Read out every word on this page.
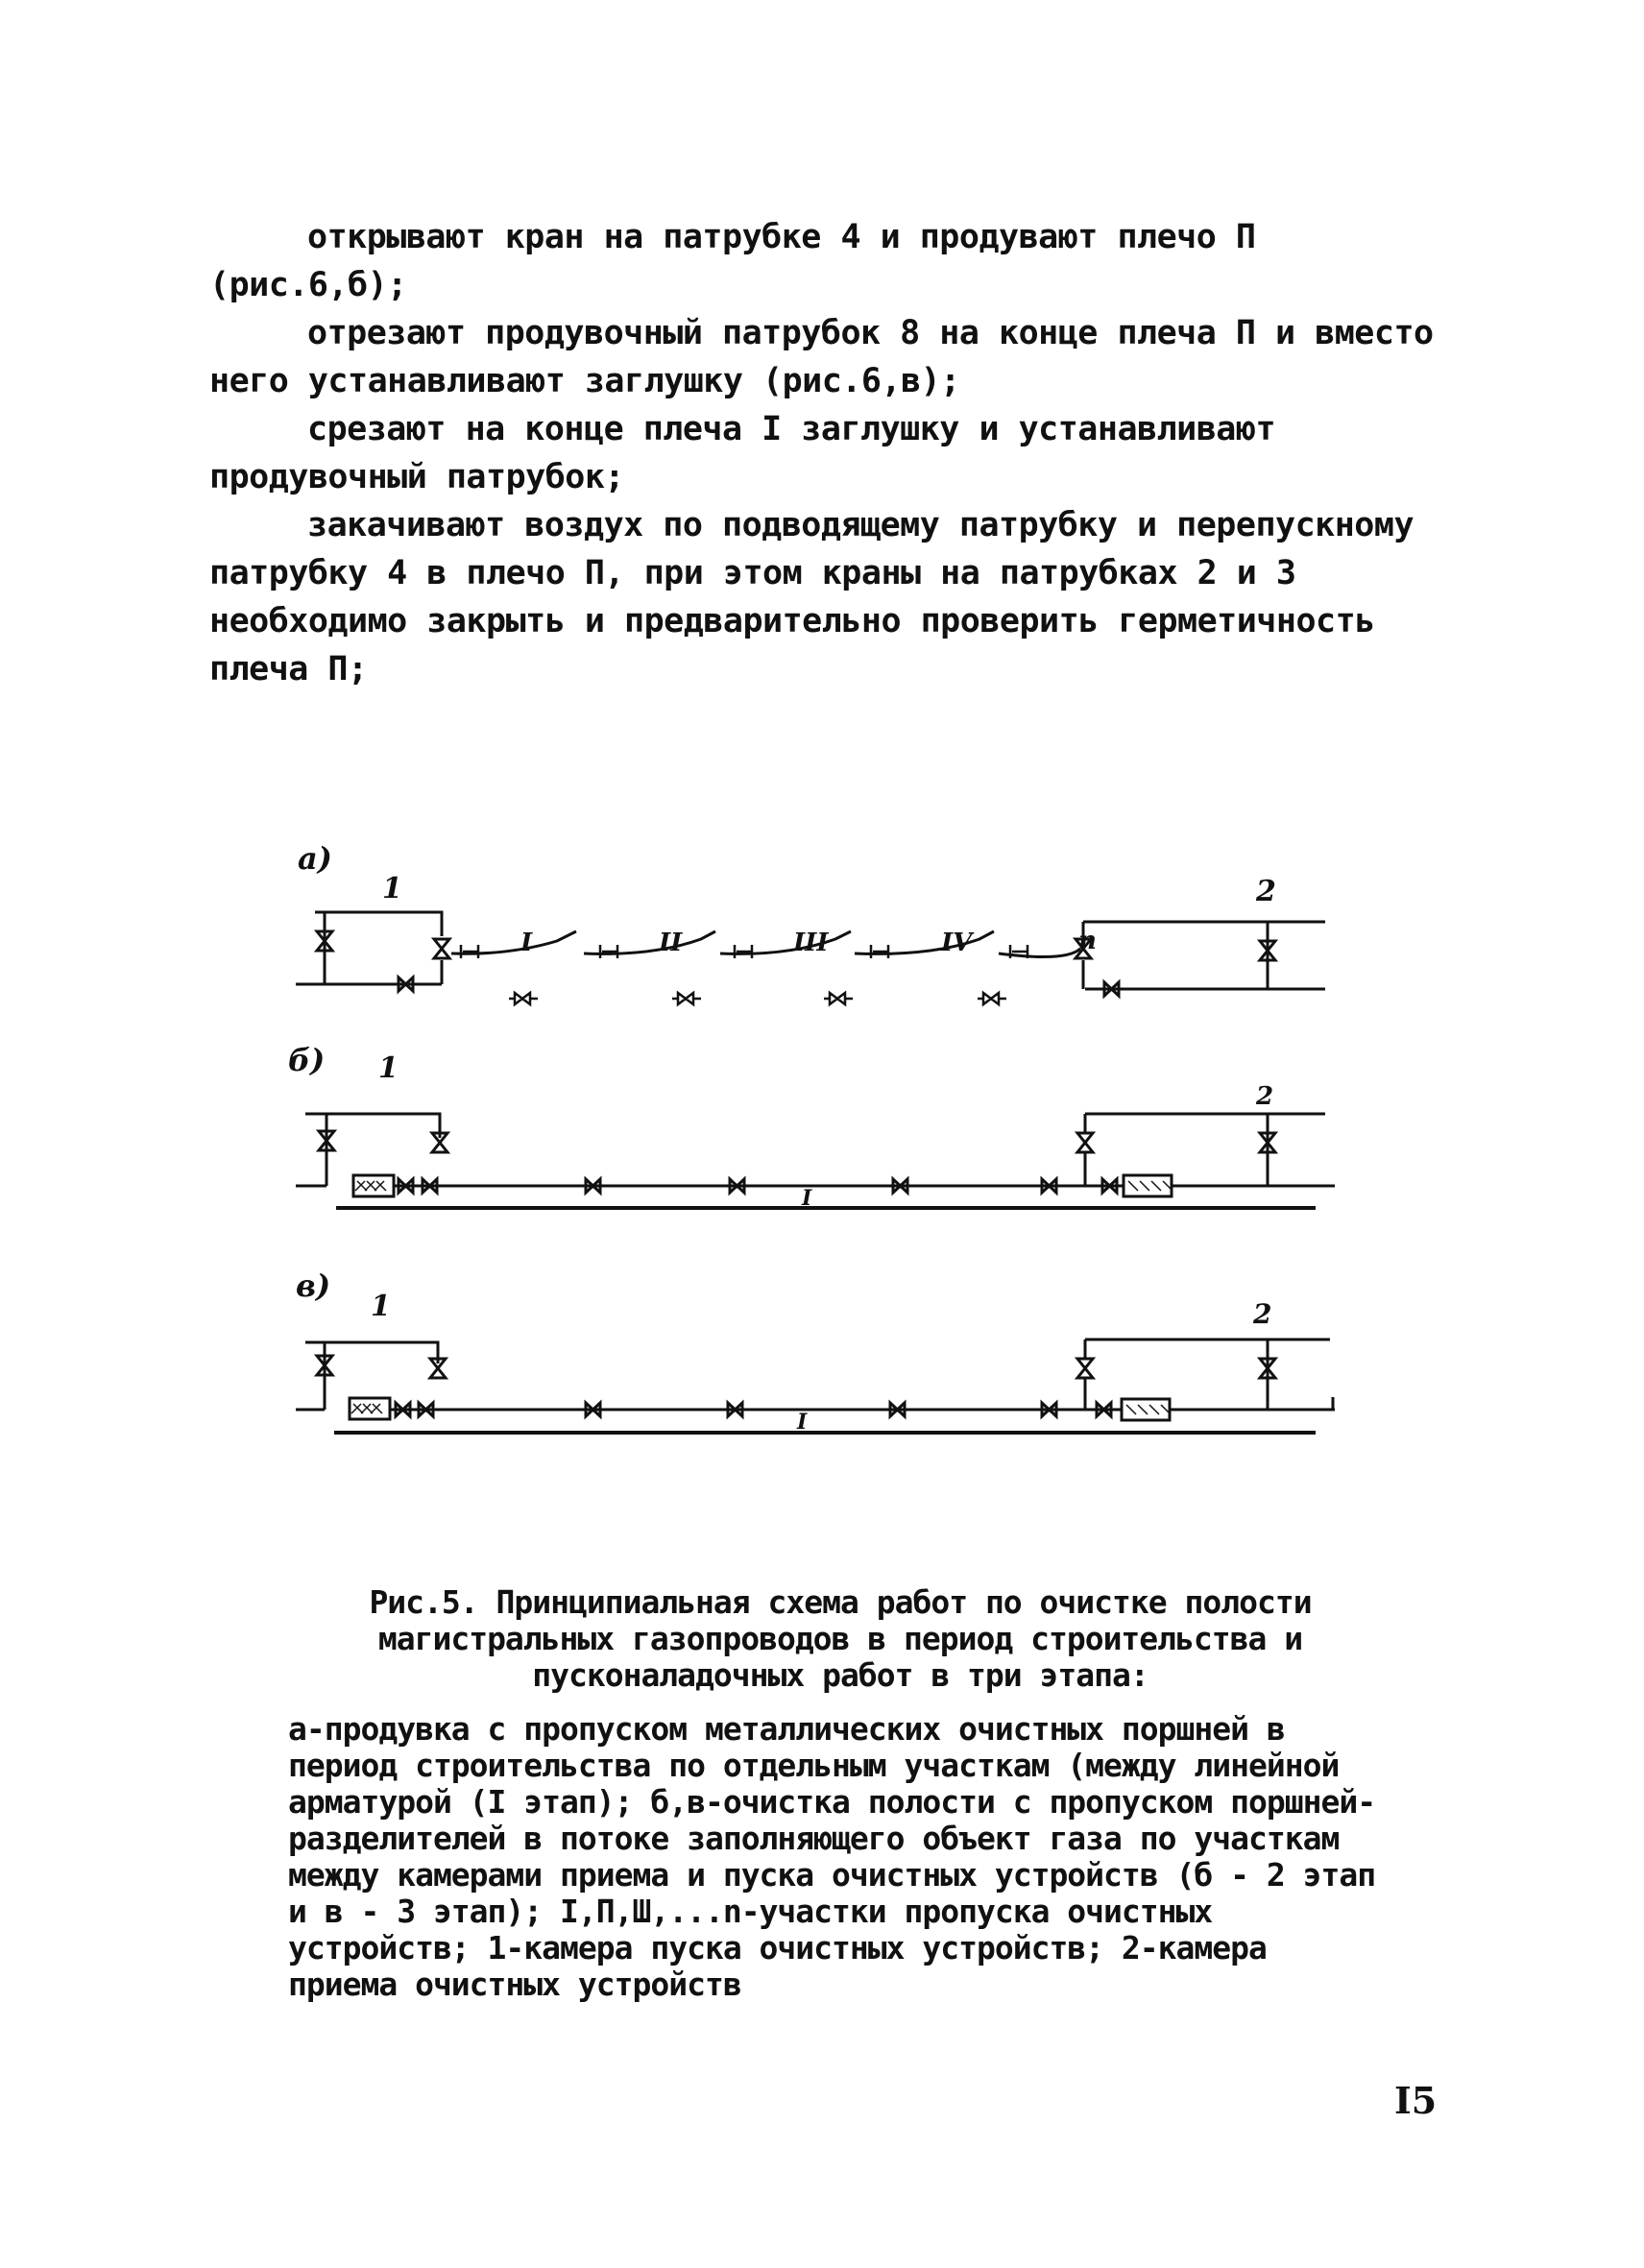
открывают кран на патрубке 4 и продувают плечо П (рис.6,б);

отрезают продувочный патрубок 8 на конце плеча П и вместо него устанавливают заглушку (рис.6,в);

срезают на конце плеча I заглушку и устанавливают продувочный патрубок;

закачивают воздух по подводящему патрубку и перепускному патрубку 4 в плечо П, при этом краны на патрубках 2 и 3 необходимо закрыть и предварительно проверить герметичность плеча П;

а)
1	2
I	II	III	IV	n
б) 1
2
I
в)
1	2
I

Рис.5. Принципиальная схема работ по очистке полости магистральных газопроводов в период строительства и пусконаладочных работ в три этапа:

а-продувка с пропуском металлических очистных поршней в период строительства по отдельным участкам (между линейной арматурой (I этап); б,в-очистка полости с пропуском поршней-разделителей в потоке заполняющего объект газа по участкам между камерами приема и пуска очистных устройств (б - 2 этап и в - 3 этап); I,П,Ш,...n-участки пропуска очистных устройств; 1-камера пуска очистных устройств; 2-камера приема очистных устройств

I5
